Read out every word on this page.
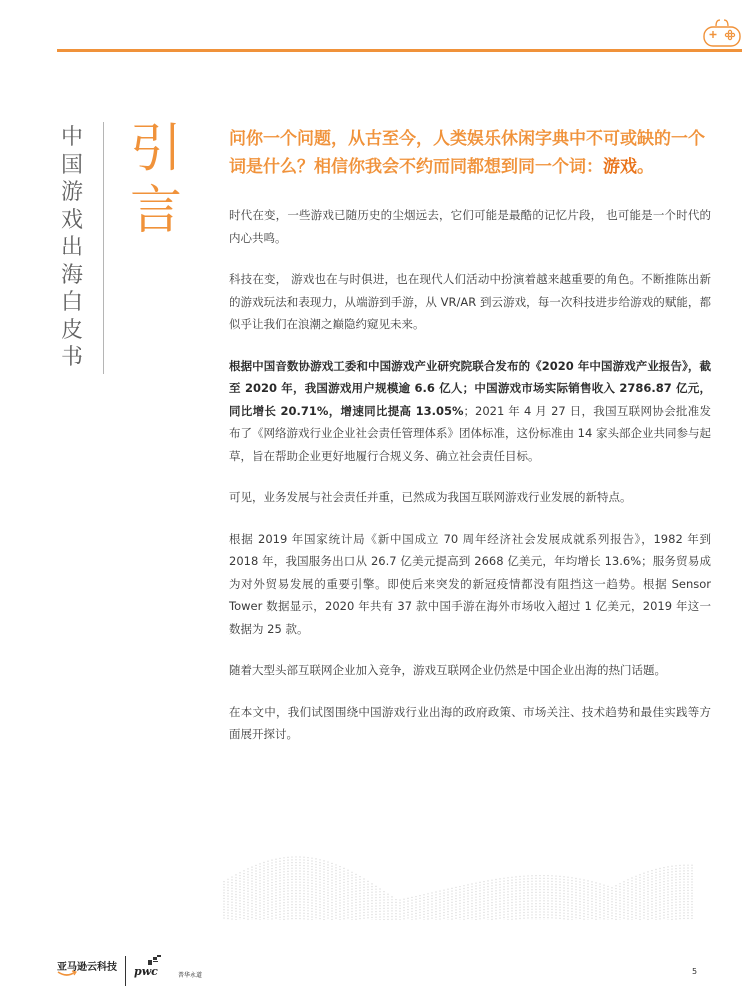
中国游戏出海白皮书
引言

问你一个问题，从古至今，人类娱乐休闲字典中不可或缺的一个词是什么？相信你我会不约而同都想到同一个词：游戏。

时代在变，一些游戏已随历史的尘烟远去，它们可能是最酷的记忆片段， 也可能是一个时代的内心共鸣。

科技在变， 游戏也在与时俱进，也在现代人们活动中扮演着越来越重要的角色。不断推陈出新的游戏玩法和表现力，从端游到手游，从 VR/AR 到云游戏，每一次科技进步给游戏的赋能，都似乎让我们在浪潮之巅隐约窥见未来。

根据中国音数协游戏工委和中国游戏产业研究院联合发布的《2020 年中国游戏产业报告》，截至 2020 年，我国游戏用户规模逾 6.6 亿人；中国游戏市场实际销售收入 2786.87 亿元，同比增长 20.71%，增速同比提高 13.05%；2021 年 4 月 27 日，我国互联网协会批准发布了《网络游戏行业企业社会责任管理体系》团体标准，这份标准由 14 家头部企业共同参与起草，旨在帮助企业更好地履行合规义务、确立社会责任目标。

可见，业务发展与社会责任并重，已然成为我国互联网游戏行业发展的新特点。

根据 2019 年国家统计局《新中国成立 70 周年经济社会发展成就系列报告》，1982 年到 2018 年，我国服务出口从 26.7 亿美元提高到 2668 亿美元，年均增长 13.6%；服务贸易成为对外贸易发展的重要引擎。即使后来突发的新冠疫情都没有阻挡这一趋势。根据 Sensor Tower 数据显示，2020 年共有 37 款中国手游在海外市场收入超过 1 亿美元，2019 年这一数据为 25 款。

随着大型头部互联网企业加入竞争，游戏互联网企业仍然是中国企业出海的热门话题。

在本文中，我们试图围绕中国游戏行业出海的政府政策、市场关注、技术趋势和最佳实践等方面展开探讨。

亚马逊云科技 pwc	普华永道	5
